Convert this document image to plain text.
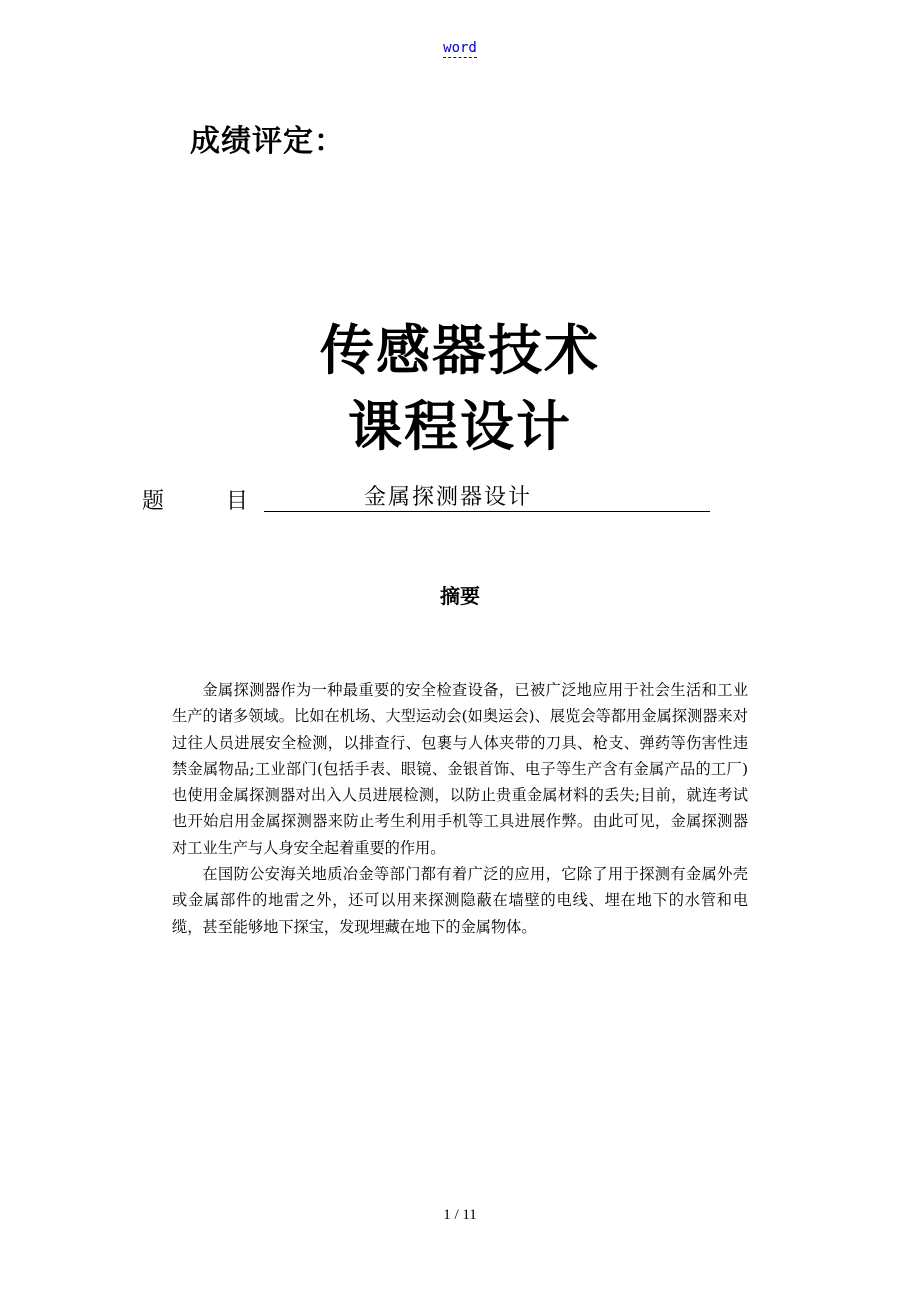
word
成绩评定：
传感器技术
课程设计
题	目	金属探测器设计
摘要

金属探测器作为一种最重要的安全检查设备，已被广泛地应用于社会生活和工业生产的诸多领域。比如在机场、大型运动会(如奥运会)、展览会等都用金属探测器来对过往人员进展安全检测，以排查行、包裹与人体夹带的刀具、枪支、弹药等伤害性违禁金属物品;工业部门(包括手表、眼镜、金银首饰、电子等生产含有金属产品的工厂)也使用金属探测器对出入人员进展检测，以防止贵重金属材料的丢失;目前，就连考试也开始启用金属探测器来防止考生利用手机等工具进展作弊。由此可见，金属探测器对工业生产与人身安全起着重要的作用。

在国防公安海关地质冶金等部门都有着广泛的应用，它除了用于探测有金属外壳或金属部件的地雷之外，还可以用来探测隐蔽在墙壁的电线、埋在地下的水管和电缆，甚至能够地下探宝，发现埋藏在地下的金属物体。

1 / 11
